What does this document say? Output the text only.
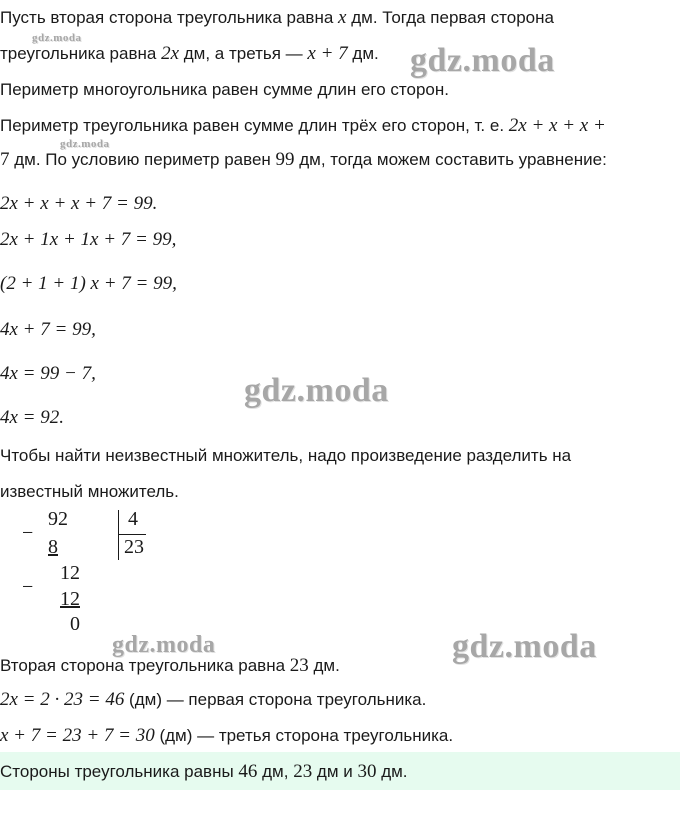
Пусть вторая сторона треугольника равна x дм. Тогда первая сторона
треугольника равна 2x дм, а третья — x + 7 дм.
Периметр многоугольника равен сумме длин его сторон.
Периметр треугольника равен сумме длин трёх его сторон, т. е. 2x + x + x +
7 дм. По условию периметр равен 99 дм, тогда можем составить уравнение:
2x + x + x + 7 = 99.
2x + 1x + 1x + 7 = 99,
(2 + 1 + 1) x + 7 = 99,
4x + 7 = 99,
4x = 99 − 7,
4x = 92.
Чтобы найти неизвестный множитель, надо произведение разделить на
известный множитель.
−
92
8
4
23
−
12
12
0
Вторая сторона треугольника равна 23 дм.
2x = 2 · 23 = 46 (дм) — первая сторона треугольника.
x + 7 = 23 + 7 = 30 (дм) — третья сторона треугольника.
Стороны треугольника равны 46 дм, 23 дм и 30 дм.
gdz.moda
gdz.moda
gdz.moda
gdz.moda
gdz.moda	gdz.moda
